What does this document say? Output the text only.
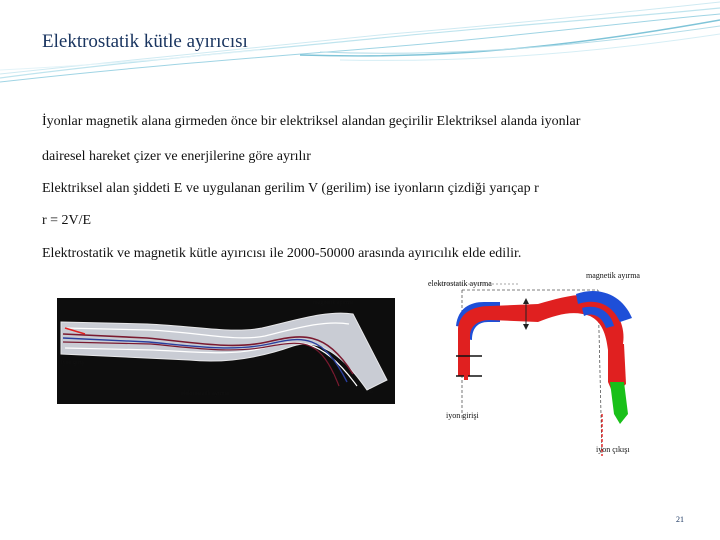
Elektrostatik kütle ayırıcısı
İyonlar magnetik alana girmeden önce bir elektriksel alandan geçirilir Elektriksel alanda iyonlar
dairesel hareket çizer ve enerjilerine göre ayrılır
Elektriksel alan şiddeti E ve uygulanan gerilim V (gerilim) ise iyonların çizdiği yarıçap r
r = 2V/E
Elektrostatik ve magnetik kütle ayırıcısı ile 2000-50000 arasında ayırıcılık elde edilir.
magnetik ayırma
iyon giriş
elektrostatik ayırma
A
B
elektrostatik ayırma
magnetik ayırma
iyon girişi
iyon çıkışı
21
